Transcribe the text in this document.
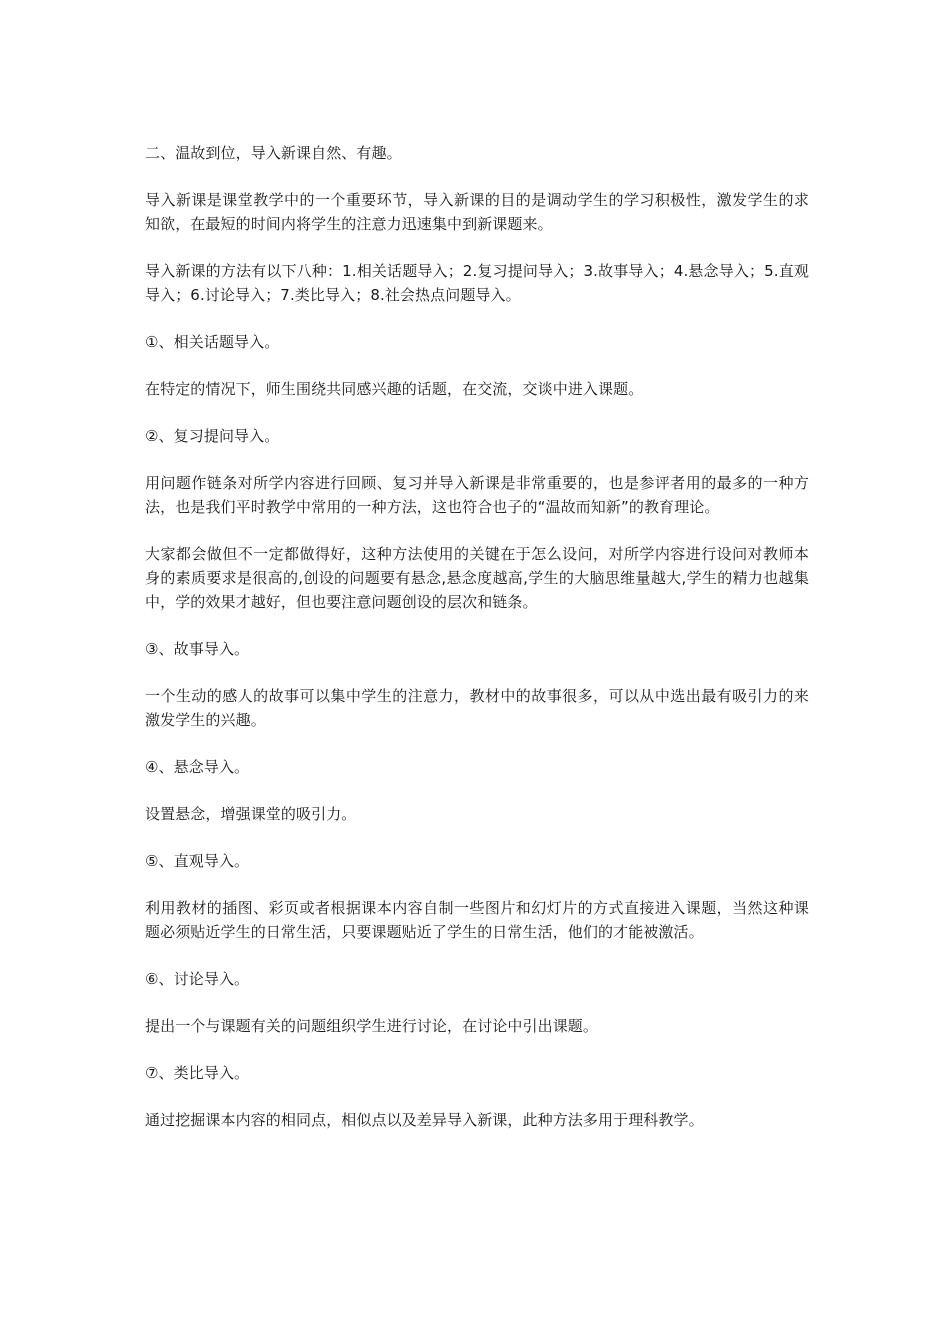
二、温故到位，导入新课自然、有趣。

导入新课是课堂教学中的一个重要环节，导入新课的目的是调动学生的学习积极性，激发学生的求知欲，在最短的时间内将学生的注意力迅速集中到新课题来。

导入新课的方法有以下八种：1.相关话题导入；2.复习提问导入；3.故事导入；4.悬念导入；5.直观导入；6.讨论导入；7.类比导入；8.社会热点问题导入。

①、相关话题导入。

在特定的情况下，师生围绕共同感兴趣的话题，在交流，交谈中进入课题。

②、复习提问导入。

用问题作链条对所学内容进行回顾、复习并导入新课是非常重要的，也是参评者用的最多的一种方法，也是我们平时教学中常用的一种方法，这也符合也子的“温故而知新”的教育理论。

大家都会做但不一定都做得好，这种方法使用的关键在于怎么设问，对所学内容进行设问对教师本身的素质要求是很高的,创设的问题要有悬念,悬念度越高,学生的大脑思维量越大,学生的精力也越集中，学的效果才越好，但也要注意问题创设的层次和链条。

③、故事导入。

一个生动的感人的故事可以集中学生的注意力，教材中的故事很多，可以从中选出最有吸引力的来激发学生的兴趣。

④、悬念导入。

设置悬念，增强课堂的吸引力。

⑤、直观导入。

利用教材的插图、彩页或者根据课本内容自制一些图片和幻灯片的方式直接进入课题，当然这种课题必须贴近学生的日常生活，只要课题贴近了学生的日常生活，他们的才能被激活。

⑥、讨论导入。

提出一个与课题有关的问题组织学生进行讨论，在讨论中引出课题。

⑦、类比导入。

通过挖掘课本内容的相同点，相似点以及差异导入新课，此种方法多用于理科教学。
